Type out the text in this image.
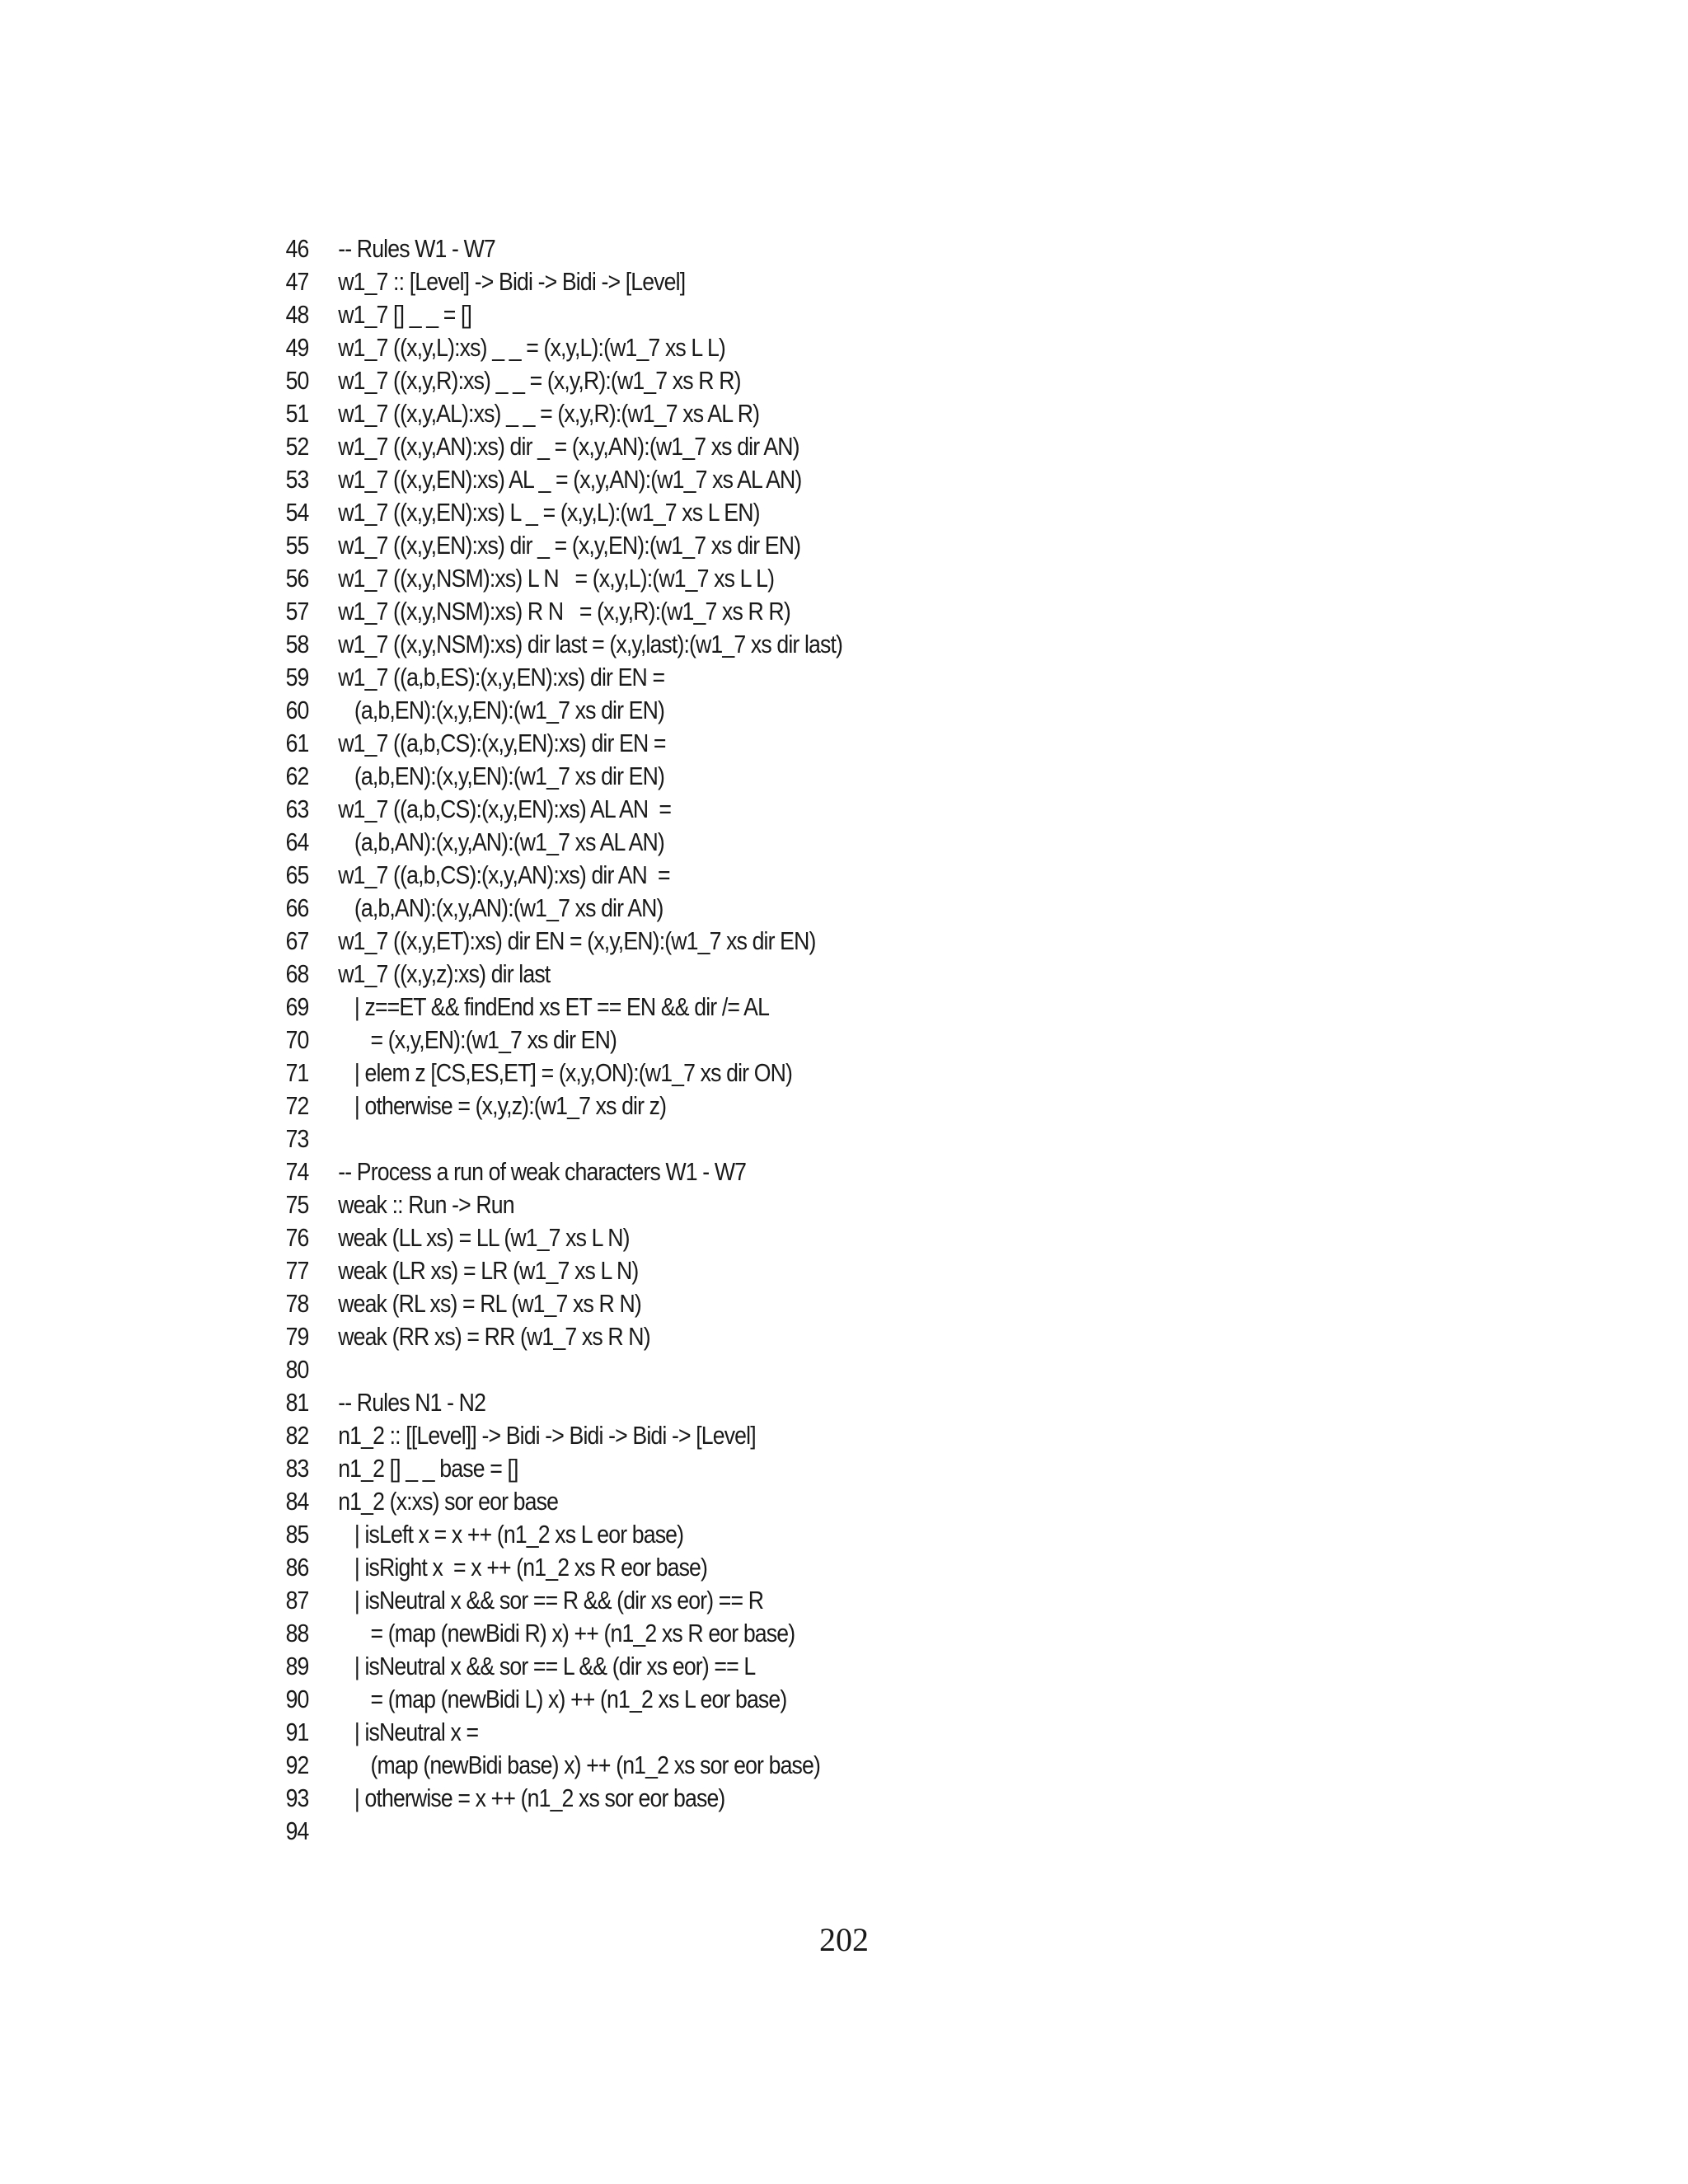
46 -- Rules W1 - W7
47 w1_7 :: [Level] -> Bidi -> Bidi -> [Level]
48 w1_7 [] _ _ = []
49 w1_7 ((x,y,L):xs) _ _ = (x,y,L):(w1_7 xs L L)
50 w1_7 ((x,y,R):xs) _ _ = (x,y,R):(w1_7 xs R R)
51 w1_7 ((x,y,AL):xs) _ _ = (x,y,R):(w1_7 xs AL R)
52 w1_7 ((x,y,AN):xs) dir _ = (x,y,AN):(w1_7 xs dir AN)
53 w1_7 ((x,y,EN):xs) AL _ = (x,y,AN):(w1_7 xs AL AN)
54 w1_7 ((x,y,EN):xs) L _ = (x,y,L):(w1_7 xs L EN)
55 w1_7 ((x,y,EN):xs) dir _ = (x,y,EN):(w1_7 xs dir EN)
56 w1_7 ((x,y,NSM):xs) L N   = (x,y,L):(w1_7 xs L L)
57 w1_7 ((x,y,NSM):xs) R N   = (x,y,R):(w1_7 xs R R)
58 w1_7 ((x,y,NSM):xs) dir last = (x,y,last):(w1_7 xs dir last)
59 w1_7 ((a,b,ES):(x,y,EN):xs) dir EN =
60 (a,b,EN):(x,y,EN):(w1_7 xs dir EN)
61 w1_7 ((a,b,CS):(x,y,EN):xs) dir EN =
62 (a,b,EN):(x,y,EN):(w1_7 xs dir EN)
63 w1_7 ((a,b,CS):(x,y,EN):xs) AL AN  =
64 (a,b,AN):(x,y,AN):(w1_7 xs AL AN)
65 w1_7 ((a,b,CS):(x,y,AN):xs) dir AN  =
66 (a,b,AN):(x,y,AN):(w1_7 xs dir AN)
67 w1_7 ((x,y,ET):xs) dir EN = (x,y,EN):(w1_7 xs dir EN)
68 w1_7 ((x,y,z):xs) dir last
69 | z==ET && findEnd xs ET == EN && dir /= AL
70 = (x,y,EN):(w1_7 xs dir EN)
71 | elem z [CS,ES,ET] = (x,y,ON):(w1_7 xs dir ON)
72 | otherwise = (x,y,z):(w1_7 xs dir z)
73
74 -- Process a run of weak characters W1 - W7
75 weak :: Run -> Run
76 weak (LL xs) = LL (w1_7 xs L N)
77 weak (LR xs) = LR (w1_7 xs L N)
78 weak (RL xs) = RL (w1_7 xs R N)
79 weak (RR xs) = RR (w1_7 xs R N)
80
81 -- Rules N1 - N2
82 n1_2 :: [[Level]] -> Bidi -> Bidi -> Bidi -> [Level]
83 n1_2 [] _ _ base = []
84 n1_2 (x:xs) sor eor base
85 | isLeft x = x ++ (n1_2 xs L eor base)
86 | isRight x  = x ++ (n1_2 xs R eor base)
87 | isNeutral x && sor == R && (dir xs eor) == R
88 = (map (newBidi R) x) ++ (n1_2 xs R eor base)
89 | isNeutral x && sor == L && (dir xs eor) == L
90 = (map (newBidi L) x) ++ (n1_2 xs L eor base)
91 | isNeutral x =
92 (map (newBidi base) x) ++ (n1_2 xs sor eor base)
93 | otherwise = x ++ (n1_2 xs sor eor base)
94
202
